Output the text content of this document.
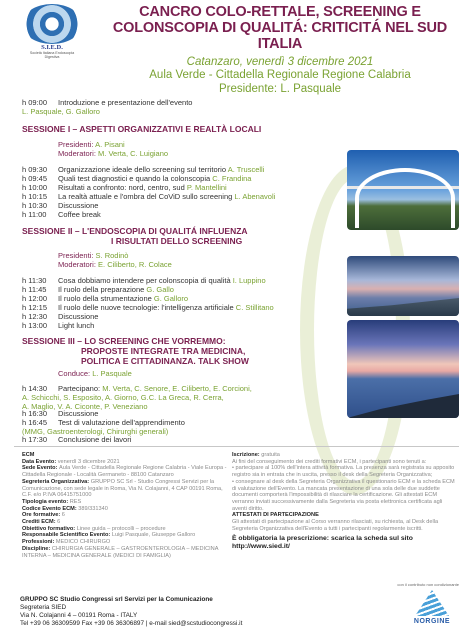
S.I.E.D.
Società Italiana Endoscopia Digestiva
CANCRO COLO-RETTALE, SCREENING E COLONSCOPIA DI QUALITÁ: CRITICITÁ NEL SUD ITALIA
Catanzaro, venerdì 3 dicembre 2021
Aula Verde - Cittadella Regionale Regione Calabria
Presidente: L. Pasquale
h 09:00 Introduzione e presentazione dell'evento
L. Pasquale, G. Galloro
SESSIONE I – ASPETTI ORGANIZZATIVI E REALTÀ LOCALI
Presidenti: A. Pisani
Moderatori: M. Verta, C. Luigiano
h 09:30 Organizzazione ideale dello screening sul territorio A. Truscelli
h 09:45 Quali test diagnostici e quando la colonscopia C. Frandina
h 10:00 Risultati a confronto: nord, centro, sud P. Mantellini
h 10:15 La realtà attuale e l'ombra del CoViD sullo screening L. Abenavoli
h 10:30 Discussione
h 11:00 Coffee break
SESSIONE II – L'ENDOSCOPIA DI QUALITÁ INFLUENZA
I RISULTATI DELLO SCREENING
Presidenti: S. Rodinò
Moderatori: E. Ciliberto, R. Colace
h 11:30 Cosa dobbiamo intendere per colonscopia di qualità I. Luppino
h 11:45 Il ruolo della preparazione G. Gallo
h 12:00 Il ruolo della strumentazione G. Galloro
h 12:15 Il ruolo delle nuove tecnologie: l'intelligenza artificiale C. Stillitano
h 12:30 Discussione
h 13:00 Light lunch
SESSIONE III – LO SCREENING CHE VORREMMO:
PROPOSTE INTEGRATE TRA MEDICINA,
POLITICA E CITTADINANZA. TALK SHOW
Conduce: L. Pasquale
h 14:30 Partecipano: M. Verta, C. Senore, E. Ciliberto, E. Corcioni,
A. Schicchi, S. Esposito, A. Giorno, G.C. La Greca, R. Cerra,
A. Maglio, V. A. Ciconte, P. Veneziano
h 16:30 Discussione
h 16:45 Test di valutazione dell'apprendimento
(MMG, Gastroenterologi, Chirurghi generali)
h 17:30 Conclusione dei lavori
ECM
Data Evento: venerdì 3 dicembre 2021
Sede Evento: Aula Verde - Cittadella Regionale Regione Calabria - Viale Europa - Cittadella Regionale - Località Germaneto - 88100 Catanzaro
Segreteria Organizzativa: GRUPPO SC Srl - Studio Congressi Servizi per la Comunicazione, con sede legale in Roma, Via N. Colajanni, 4 CAP 00191 Roma, C.F. e/o P.IVA 06415751000
Tipologia evento: RES
Codice Evento ECM: 389/331340
Ore formative: 6
Crediti ECM: 6
Obiettivo formativo: Linee guida – protocolli – procedure
Responsabile Scientifico Evento: Luigi Pasquale, Giuseppe Galloro
Professioni: MEDICO CHIRURGO
Discipline: CHIRURGIA GENERALE – GASTROENTEROLOGIA – MEDICINA INTERNA – MEDICINA GENERALE (MEDICI DI FAMIGLIA)
Iscrizione: gratuita
Ai fini del conseguimento dei crediti formativi ECM, i partecipanti sono tenuti a:
• partecipare al 100% dell'intera attività formativa. La presenza sarà registrata su apposito registro sia in entrata che in uscita, presso il desk della Segreteria Organizzativa;
• consegnare al desk della Segreteria Organizzativa il questionario ECM e la scheda ECM di valutazione dell'Evento. La mancata presentazione di una sola delle due suddette documenti comporterà l'impossibilità di rilasciare la certificazione. Gli attestati ECM verranno inviati successivamente dalla Segreteria via posta elettronica certificata agli aventi diritto.
ATTESTATI DI PARTECIPAZIONE
Gli attestati di partecipazione al Corso verranno rilasciati, su richiesta, al Desk della Segreteria Organizzativa dell'Evento a tutti i partecipanti regolarmente iscritti.
È obbligatoria la prescrizione: scarica la scheda sul sito http://www.sied.it/
GRUPPO SC Studio Congressi srl Servizi per la Comunicazione
Segreteria SIED
Via N. Colajanni 4 – 00191 Roma - ITALY
Tel +39 06 36309599 Fax +39 06 36306897 | e-mail sied@scstudiocongressi.it
con il contributo non condizionante
NORGINE
